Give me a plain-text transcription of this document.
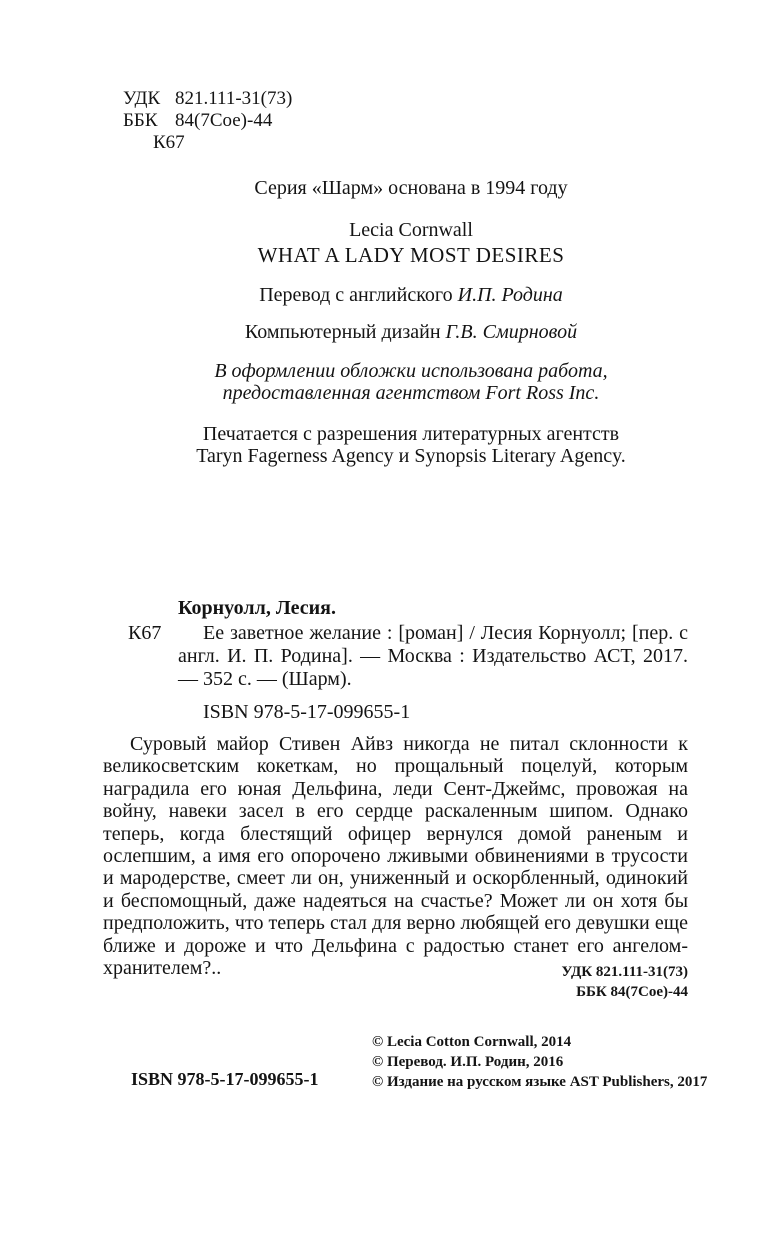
УДК 821.111-31(73)
ББК 84(7Сое)-44
К67
Серия «Шарм» основана в 1994 году
Lecia Cornwall
WHAT A LADY MOST DESIRES
Перевод с английского И.П. Родина
Компьютерный дизайн Г.В. Смирновой
В оформлении обложки использована работа,
предоставленная агентством Fort Ross Inc.
Печатается с разрешения литературных агентств
Taryn Fagerness Agency и Synopsis Literary Agency.
Корнуолл, Лесия.
К67	Ее заветное желание : [роман] / Лесия Корнуолл; [пер. с англ. И. П. Родина]. — Москва : Издательство АСТ, 2017. — 352 с. — (Шарм).

ISBN 978-5-17-099655-1

Суровый майор Стивен Айвз никогда не питал склонности к великосветским кокеткам, но прощальный поцелуй, которым наградила его юная Дельфина, леди Сент-Джеймс, провожая на войну, навеки засел в его сердце раскаленным шипом. Однако теперь, когда блестящий офицер вернулся домой раненым и ослепшим, а имя его опорочено лживыми обвинениями в трусости и мародерстве, смеет ли он, униженный и оскорбленный, одинокий и беспомощный, даже надеяться на счастье? Может ли он хотя бы предположить, что теперь стал для верно любящей его девушки еще ближе и дороже и что Дельфина с радостью станет его ангелом-хранителем?..	УДК 821.111-31(73)
ББК 84(7Сое)-44
ISBN 978-5-17-099655-1
© Lecia Cotton Cornwall, 2014
© Перевод. И.П. Родин, 2016
© Издание на русском языке AST Publishers, 2017
